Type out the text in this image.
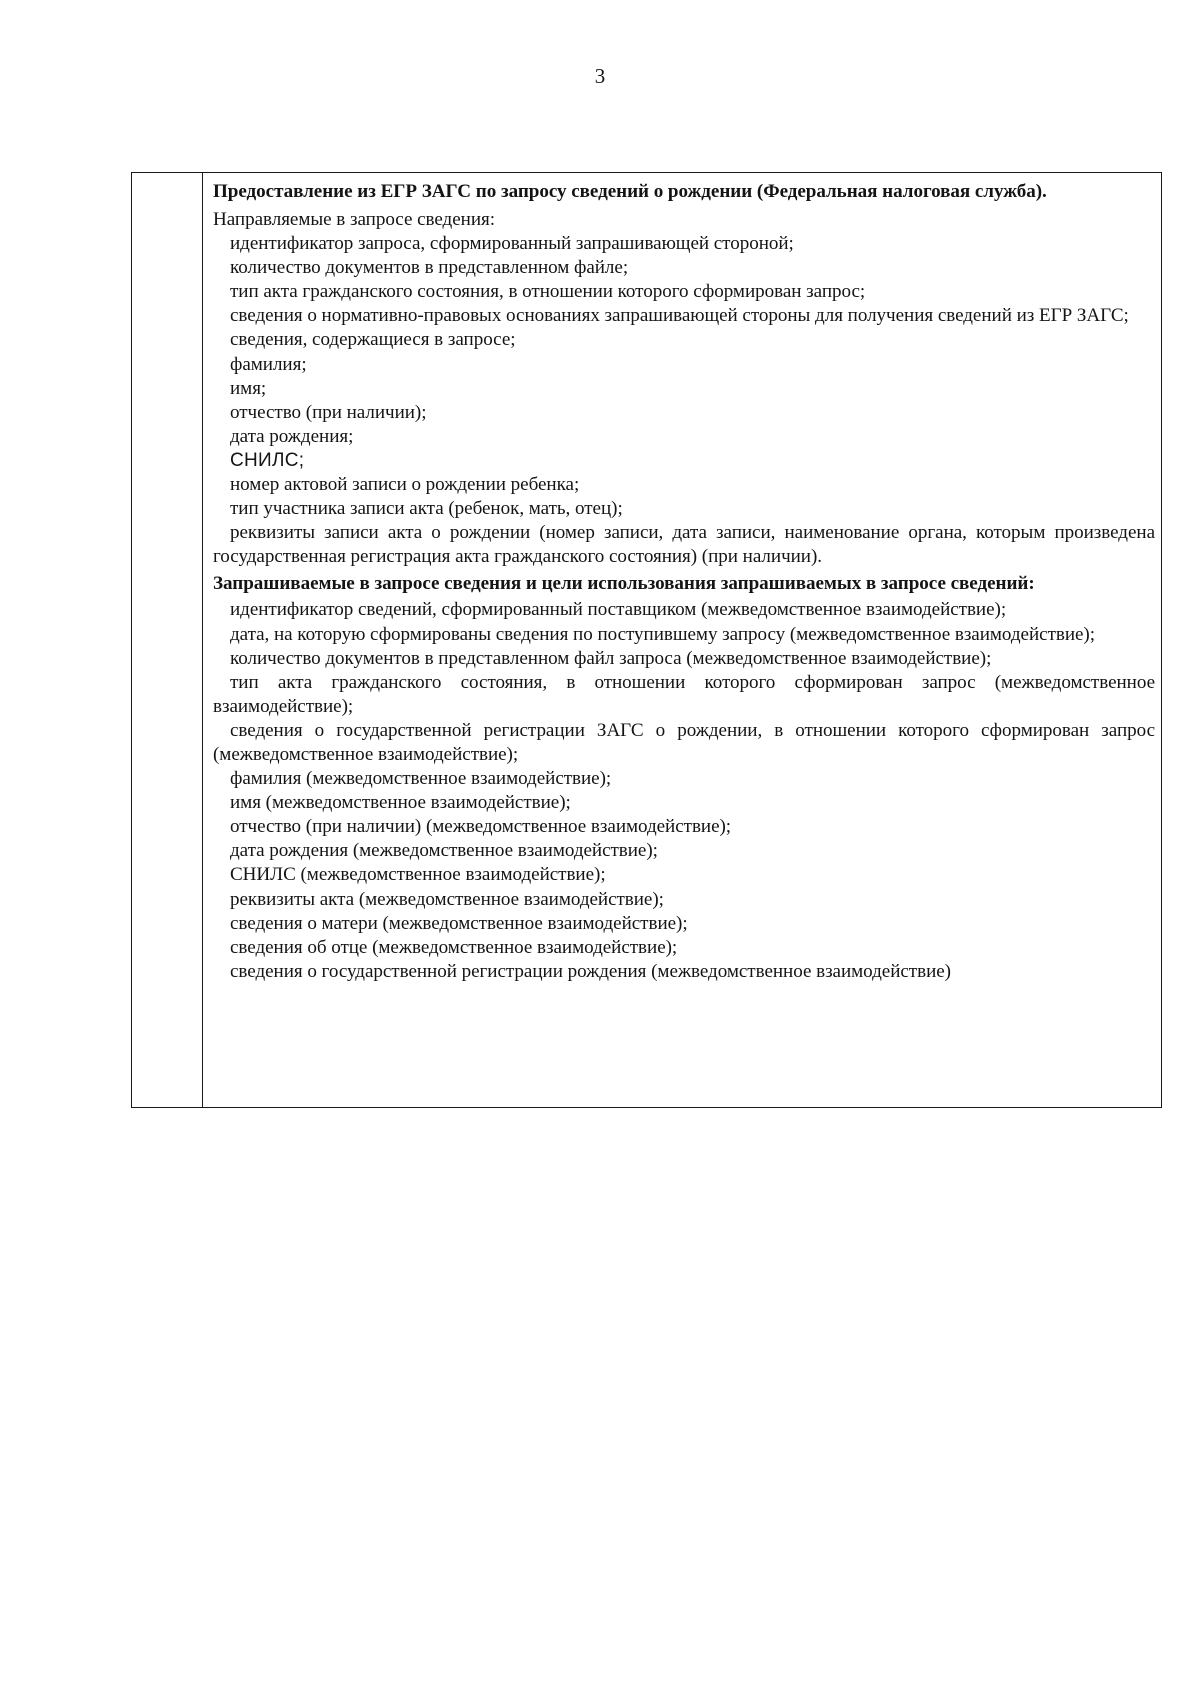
3

Предоставление из ЕГР ЗАГС по запросу сведений о рождении (Федеральная налоговая служба).

Направляемые в запросе сведения:

идентификатор запроса, сформированный запрашивающей стороной;
количество документов в представленном файле;
тип акта гражданского состояния, в отношении которого сформирован запрос;
сведения о нормативно-правовых основаниях запрашивающей стороны для получения сведений из ЕГР ЗАГС;
сведения, содержащиеся в запросе;
фамилия;
имя;
отчество (при наличии);
дата рождения;
СНИЛС;
номер актовой записи о рождении ребенка;
тип участника записи акта (ребенок, мать, отец);
реквизиты записи акта о рождении (номер записи, дата записи, наименование органа, которым произведена государственная регистрация акта гражданского состояния) (при наличии).

Запрашиваемые в запросе сведения и цели использования запрашиваемых в запросе сведений:

идентификатор сведений, сформированный поставщиком (межведомственное взаимодействие);
дата, на которую сформированы сведения по поступившему запросу (межведомственное взаимодействие);
количество документов в представленном файл запроса (межведомственное взаимодействие);
тип акта гражданского состояния, в отношении которого сформирован запрос (межведомственное взаимодействие);
сведения о государственной регистрации ЗАГС о рождении, в отношении которого сформирован запрос (межведомственное взаимодействие);
фамилия (межведомственное взаимодействие);
имя (межведомственное взаимодействие);
отчество (при наличии) (межведомственное взаимодействие);
дата рождения (межведомственное взаимодействие);
СНИЛС (межведомственное взаимодействие);
реквизиты акта (межведомственное взаимодействие);
сведения о матери (межведомственное взаимодействие);
сведения об отце (межведомственное взаимодействие);
сведения о государственной регистрации рождения (межведомственное взаимодействие)
